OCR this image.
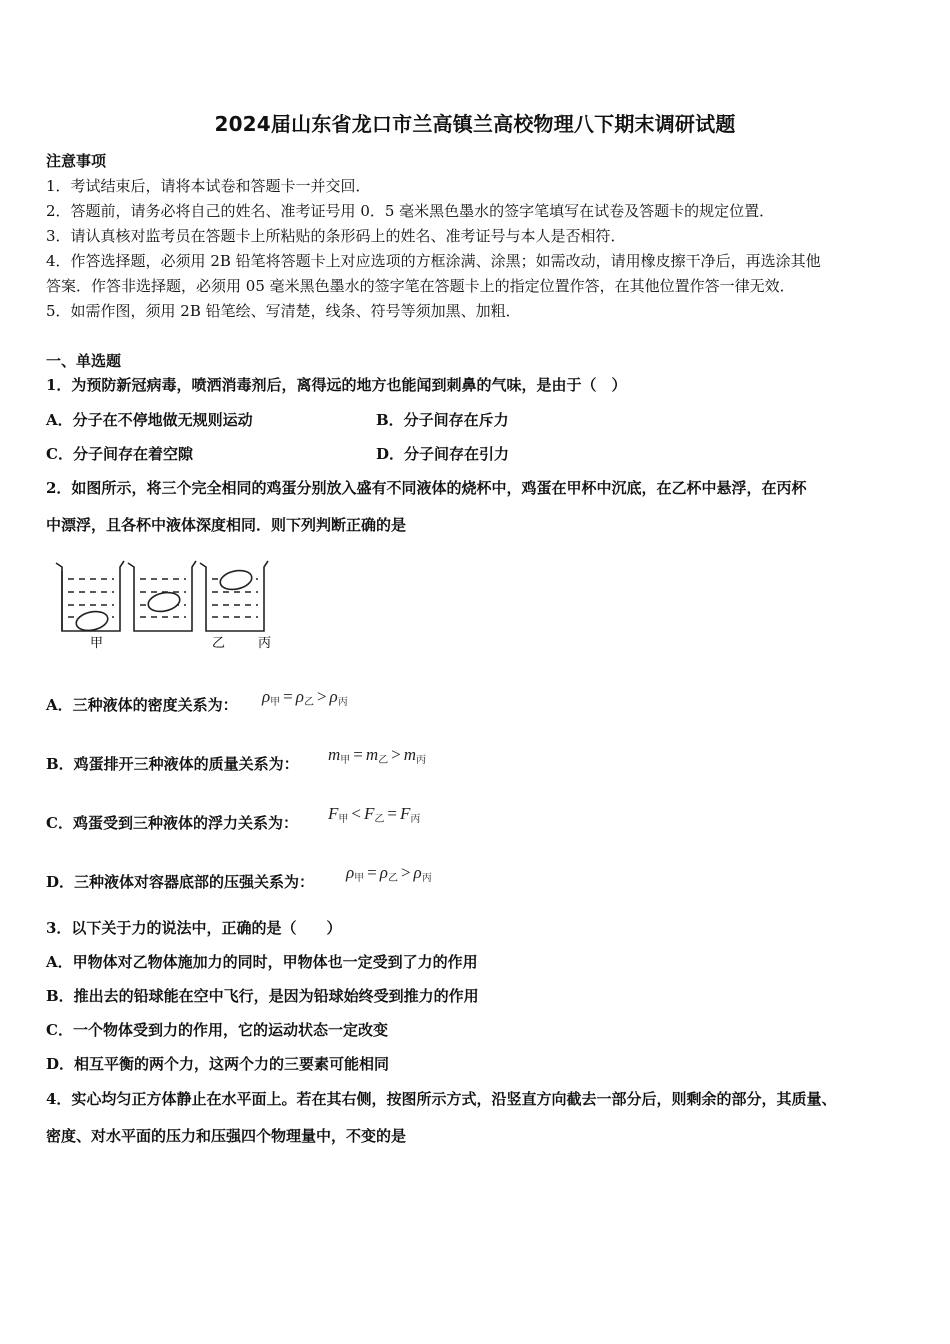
2024届山东省龙口市兰高镇兰高校物理八下期末调研试题
注意事项
1．考试结束后，请将本试卷和答题卡一并交回．
2．答题前，请务必将自己的姓名、准考证号用 0．5 毫米黑色墨水的签字笔填写在试卷及答题卡的规定位置．
3．请认真核对监考员在答题卡上所粘贴的条形码上的姓名、准考证号与本人是否相符．
4．作答选择题，必须用 2B 铅笔将答题卡上对应选项的方框涂满、涂黑；如需改动，请用橡皮擦干净后，再选涂其他
答案．作答非选择题，必须用 05 毫米黑色墨水的签字笔在答题卡上的指定位置作答，在其他位置作答一律无效．
5．如需作图，须用 2B 铅笔绘、写清楚，线条、符号等须加黑、加粗．
一、单选题
1．为预防新冠病毒，喷洒消毒剂后，离得远的地方也能闻到刺鼻的气味，是由于（　）
A．分子在不停地做无规则运动	B．分子间存在斥力
C．分子间存在着空隙	D．分子间存在引力
2．如图所示，将三个完全相同的鸡蛋分别放入盛有不同液体的烧杯中，鸡蛋在甲杯中沉底，在乙杯中悬浮，在丙杯
中漂浮，且各杯中液体深度相同．则下列判断正确的是
甲	乙	丙
A．三种液体的密度关系为： $\rho_甲 = \rho_乙 > \rho_丙$
B．鸡蛋排开三种液体的质量关系为： $m_甲 = m_乙 > m_丙$
C．鸡蛋受到三种液体的浮力关系为： $F_甲 < F_乙 = F_丙$
D．三种液体对容器底部的压强关系为： $\rho_甲 = \rho_乙 > \rho_丙$
3．以下关于力的说法中，正确的是（　　）
A．甲物体对乙物体施加力的同时，甲物体也一定受到了力的作用
B．推出去的铅球能在空中飞行，是因为铅球始终受到推力的作用
C．一个物体受到力的作用，它的运动状态一定改变
D．相互平衡的两个力，这两个力的三要素可能相同
4．实心均匀正方体静止在水平面上。若在其右侧，按图所示方式，沿竖直方向截去一部分后，则剩余的部分，其质量、
密度、对水平面的压力和压强四个物理量中，不变的是
